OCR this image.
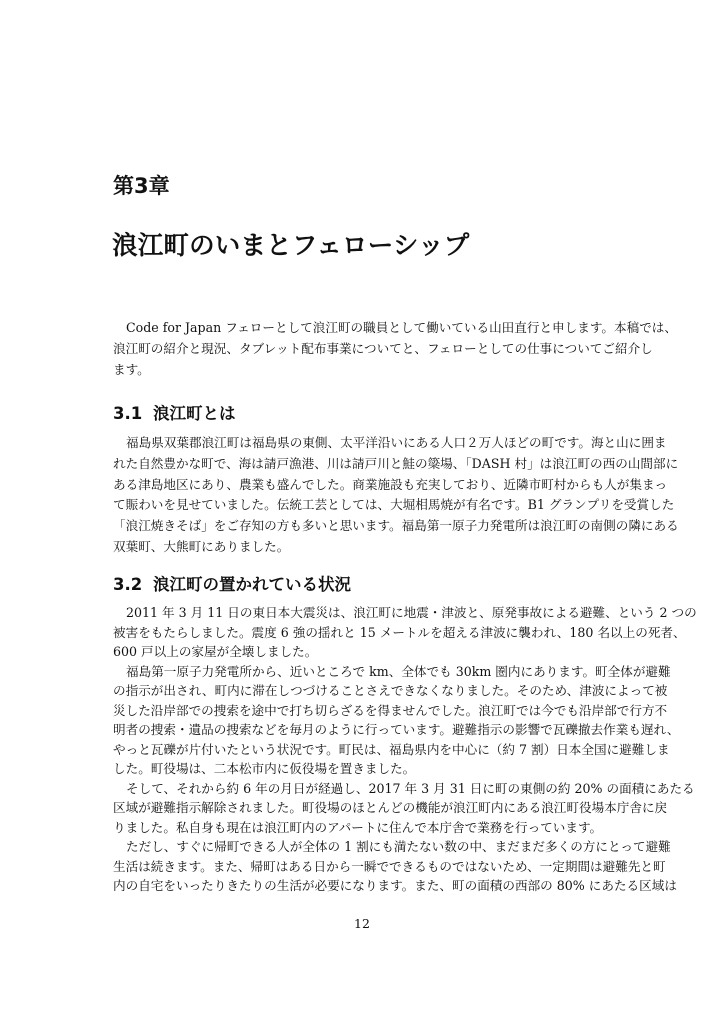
第3章
浪江町のいまとフェローシップ
Code for Japan フェローとして浪江町の職員として働いている山田直行と申します。本稿では、
浪江町の紹介と現況、タブレット配布事業についてと、フェローとしての仕事についてご紹介し
ます。
3.1 浪江町とは
福島県双葉郡浪江町は福島県の東側、太平洋沿いにある人口２万人ほどの町です。海と山に囲ま
れた自然豊かな町で、海は請戸漁港、川は請戸川と鮭の簗場、「DASH 村」は浪江町の西の山間部に
ある津島地区にあり、農業も盛んでした。商業施設も充実しており、近隣市町村からも人が集まっ
て賑わいを見せていました。伝統工芸としては、大堀相馬焼が有名です。B1 グランプリを受賞した
「浪江焼きそば」をご存知の方も多いと思います。福島第一原子力発電所は浪江町の南側の隣にある
双葉町、大熊町にありました。
3.2 浪江町の置かれている状況
2011 年 3 月 11 日の東日本大震災は、浪江町に地震・津波と、原発事故による避難、という 2 つの
被害をもたらしました。震度 6 強の揺れと 15 メートルを超える津波に襲われ、180 名以上の死者、
600 戸以上の家屋が全壊しました。
福島第一原子力発電所から、近いところで km、全体でも 30km 圏内にあります。町全体が避難
の指示が出され、町内に滞在しつづけることさえできなくなりました。そのため、津波によって被
災した沿岸部での捜索を途中で打ち切らざるを得ませんでした。浪江町では今でも沿岸部で行方不
明者の捜索・遺品の捜索などを毎月のように行っています。避難指示の影響で瓦礫撤去作業も遅れ、
やっと瓦礫が片付いたという状況です。町民は、福島県内を中心に（約 7 割）日本全国に避難しま
した。町役場は、二本松市内に仮役場を置きました。
そして、それから約 6 年の月日が経過し、2017 年 3 月 31 日に町の東側の約 20% の面積にあたる
区域が避難指示解除されました。町役場のほとんどの機能が浪江町内にある浪江町役場本庁舎に戻
りました。私自身も現在は浪江町内のアパートに住んで本庁舎で業務を行っています。
ただし、すぐに帰町できる人が全体の 1 割にも満たない数の中、まだまだ多くの方にとって避難
生活は続きます。また、帰町はある日から一瞬でできるものではないため、一定期間は避難先と町
内の自宅をいったりきたりの生活が必要になります。また、町の面積の西部の 80% にあたる区域は
12
